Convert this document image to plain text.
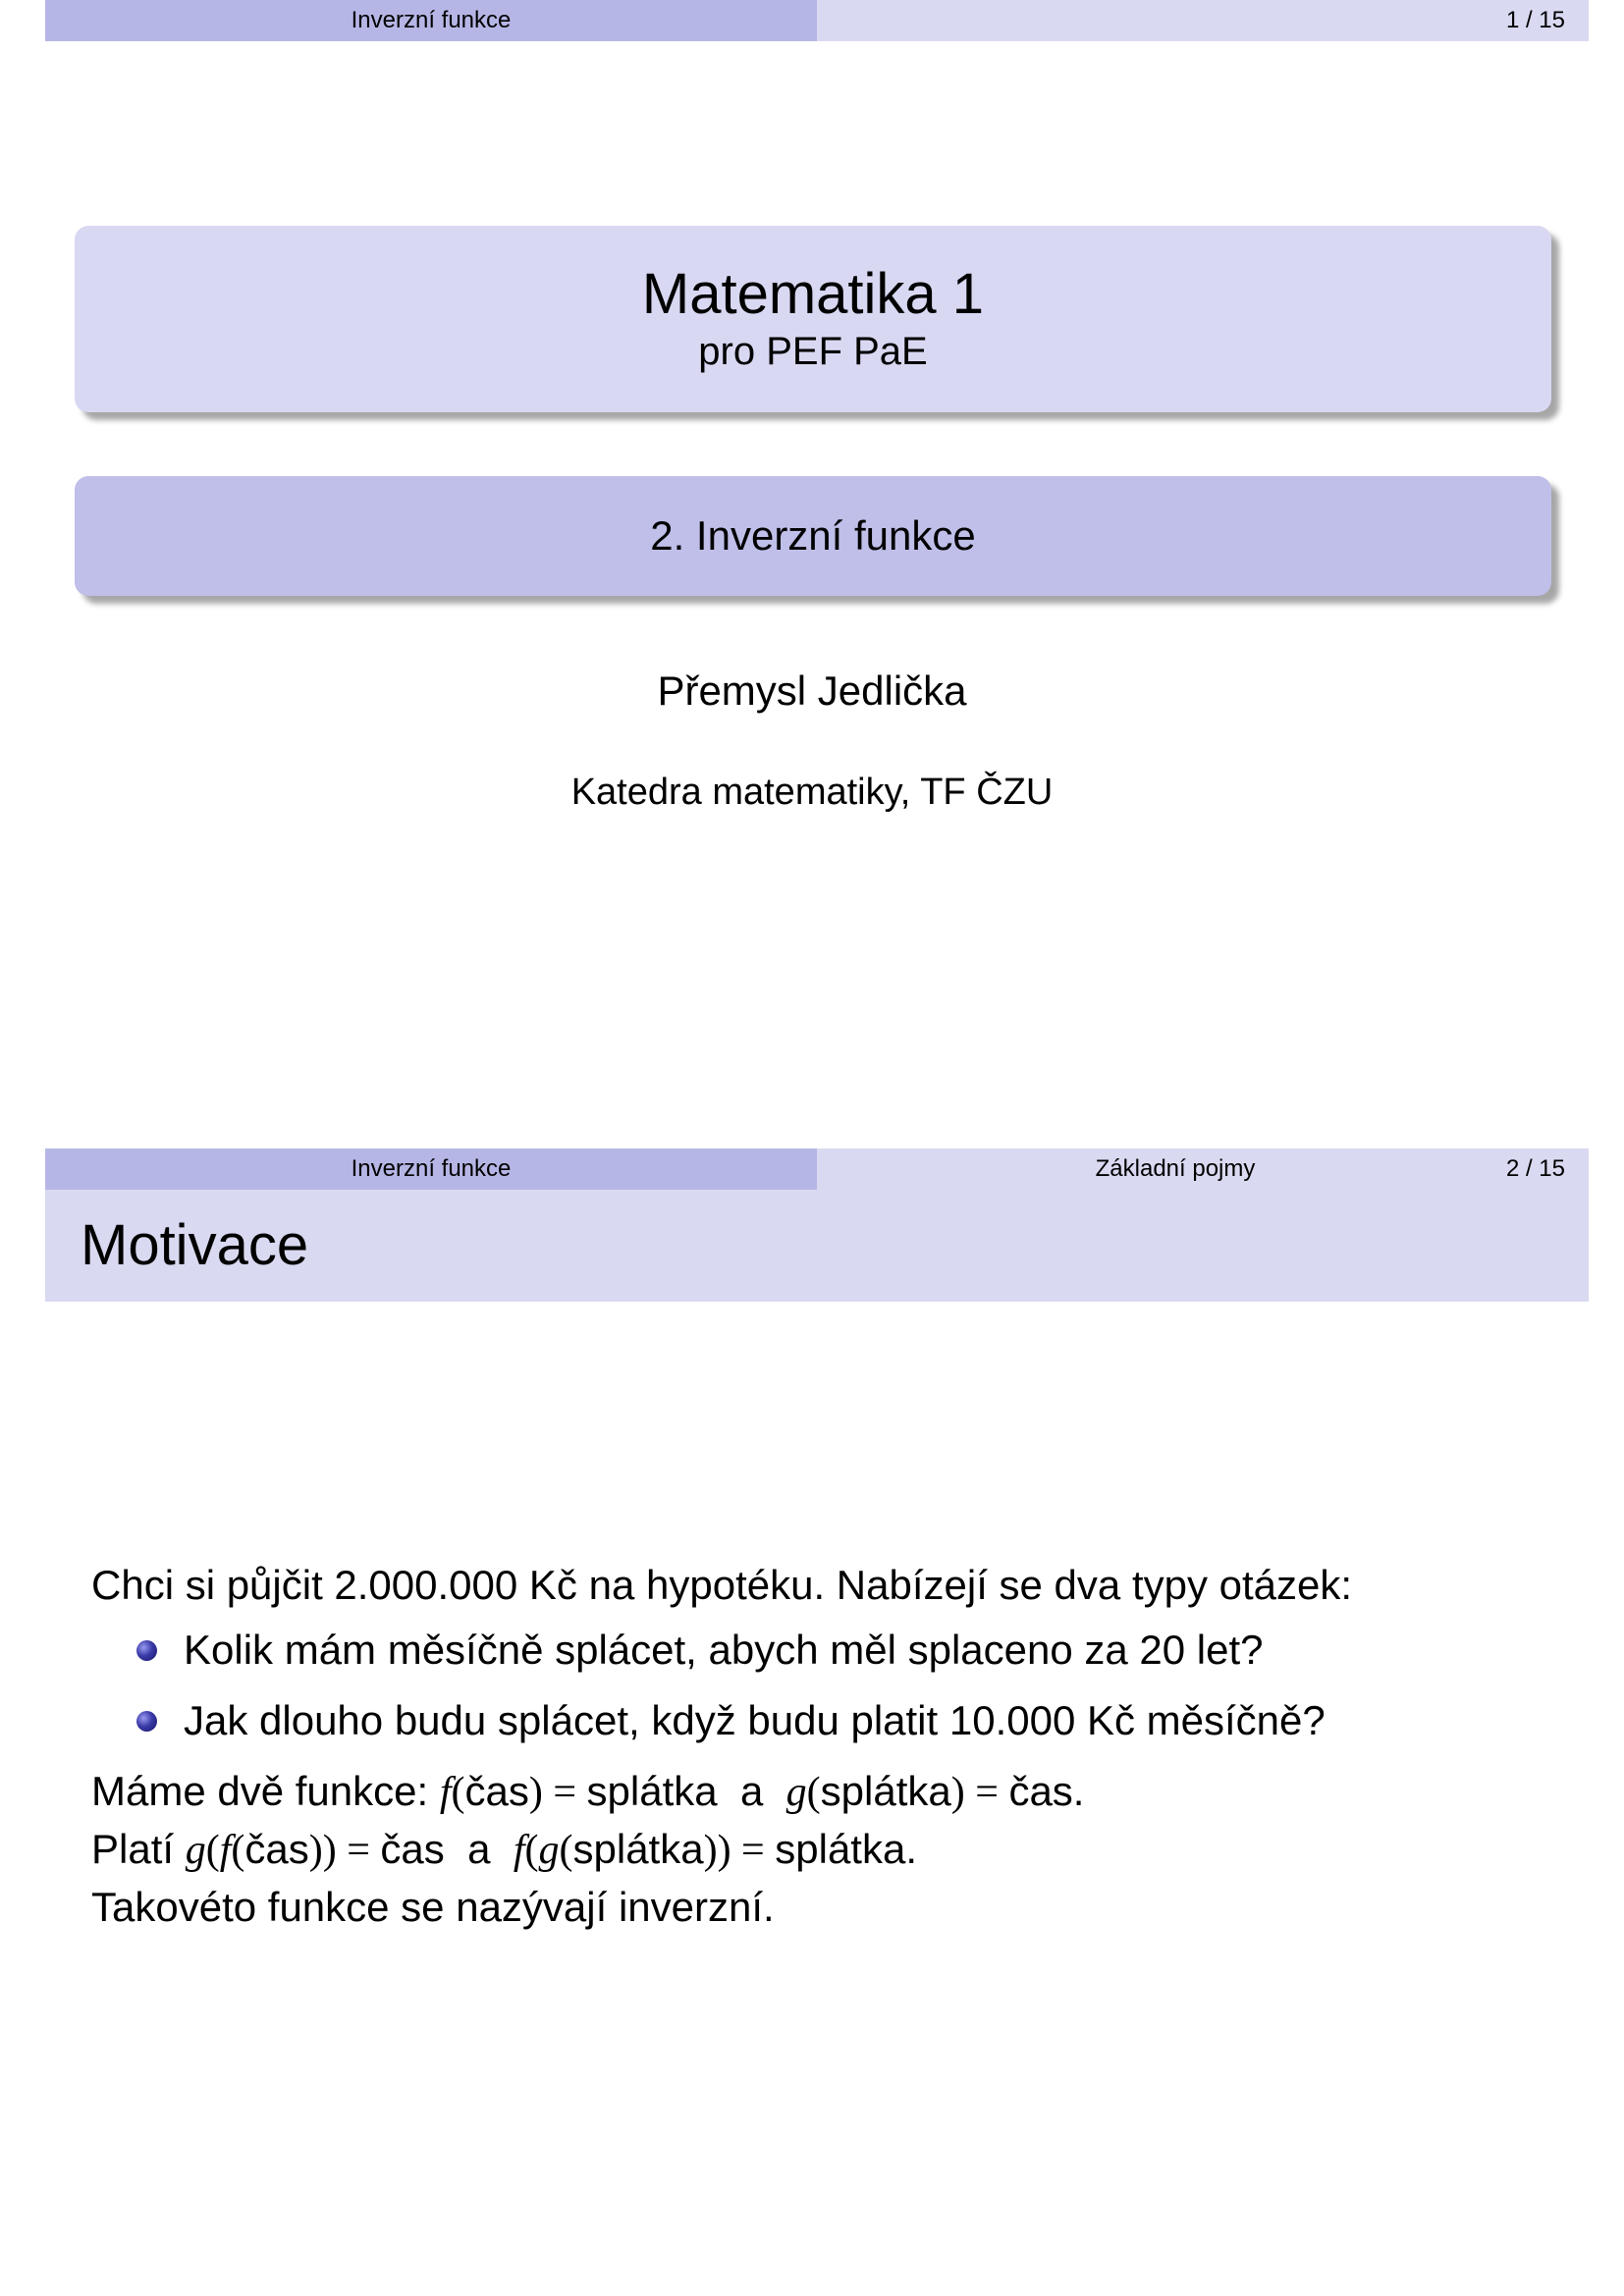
Inverzní funkce	1 / 15
Matematika 1
pro PEF PaE
2. Inverzní funkce
Přemysl Jedlička
Katedra matematiky, TF ČZU
Inverzní funkce	Základní pojmy	2 / 15
Motivace

Chci si půjčit 2.000.000 Kč na hypotéku. Nabízejí se dva typy otázek:

Kolik mám měsíčně splácet, abych měl splaceno za 20 let?
Jak dlouho budu splácet, když budu platit 10.000 Kč měsíčně?

Máme dvě funkce: f(čas) = splátka a g(splátka) = čas.

Platí g(f(čas)) = čas a f(g(splátka)) = splátka.

Takovéto funkce se nazývají inverzní.
